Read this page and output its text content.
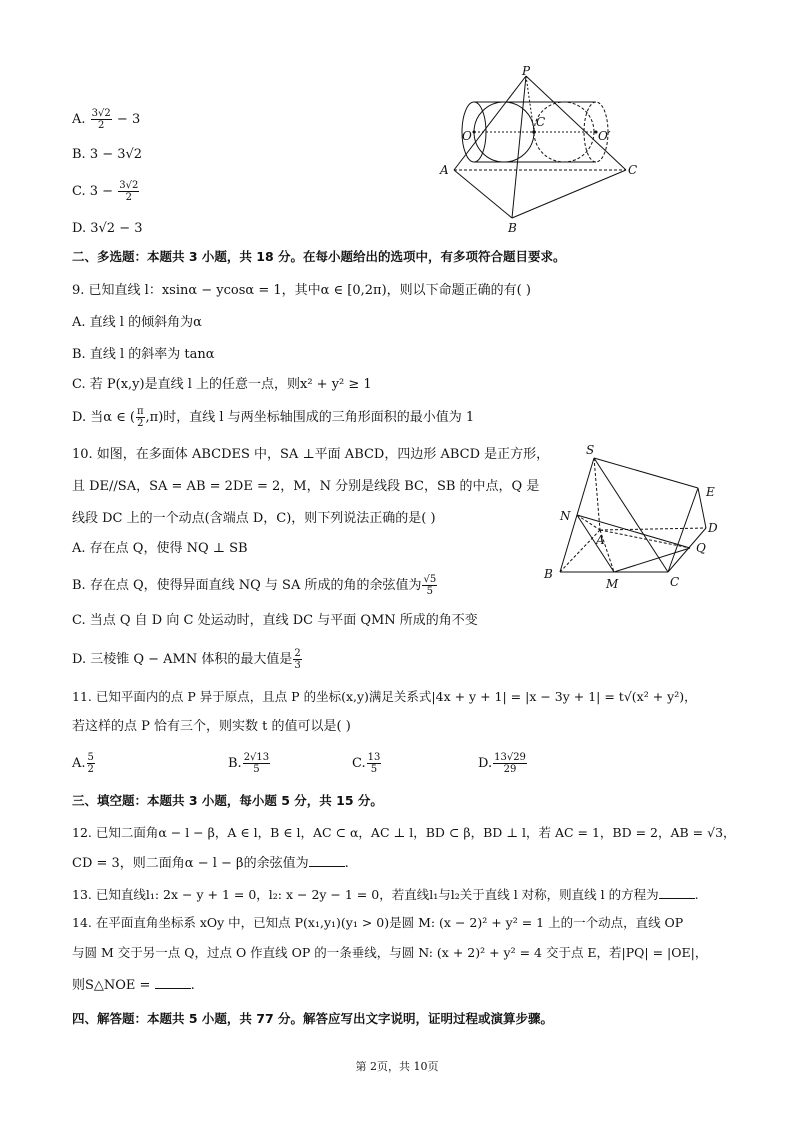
A. $\frac{3√2}{2} - 3$
B. 3 − 3√2
C. $3 - \frac{3√2}{2}$
D. 3√2 − 3
P
C
O	O′
A
B
C
二、多选题：本题共 3 小题，共 18 分。在每小题给出的选项中，有多项符合题目要求。
9. 已知直线 l：xsinα − ycosα = 1，其中α ∈ [0,2π)，则以下命题正确的有( )
A. 直线 l 的倾斜角为α
B. 直线 l 的斜率为 tanα
C. 若 P(x,y)是直线 l 上的任意一点，则x² + y² ≥ 1
D. 当α ∈ ( $\frac{\pi}{2} ,\pi$)时，直线 l 与两坐标轴围成的三角形面积的最小值为 1
10. 如图，在多面体 ABCDES 中，SA ⊥平面 ABCD，四边形 ABCD 是正方形，
且 DE//SA，SA = AB = 2DE = 2，M，N 分别是线段 BC，SB 的中点，Q 是
线段 DC 上的一个动点(含端点 D，C)，则下列说法正确的是( )
A. 存在点 Q，使得 NQ ⊥ SB
B. 存在点 Q，使得异面直线 NQ 与 SA 所成的角的余弦值为 $\frac{√5}{5}$
C. 当点 Q 自 D 向 C 处运动时，直线 DC 与平面 QMN 所成的角不变
D. 三棱锥 Q − AMN 体积的最大值是 $\frac{2}{3}$
S
E
N
A
D
Q
B
M	C
11. 已知平面内的点 P 异于原点，且点 P 的坐标(x,y)满足关系式|4x + y + 1| = |x − 3y + 1| = t√(x² + y²)，
若这样的点 P 恰有三个，则实数 t 的值可以是( )
A. $\frac{5}{2}$	B. $\frac{2√13}{5}$	C. $\frac{13}{5}$	D. $\frac{13√29}{29}$
三、填空题：本题共 3 小题，每小题 5 分，共 15 分。
12. 已知二面角α − l − β，A ∈ l，B ∈ l，AC ⊂ α，AC ⊥ l，BD ⊂ β，BD ⊥ l，若 AC = 1，BD = 2，AB = √3，
CD = 3，则二面角α − l − β的余弦值为	.
13. 已知直线l₁: 2x − y + 1 = 0，l₂: x − 2y − 1 = 0，若直线l₁与l₂关于直线 l 对称，则直线 l 的方程为	.
14. 在平面直角坐标系 xOy 中，已知点 P(x₁,y₁)(y₁ > 0)是圆 M: (x − 2)² + y² = 1 上的一个动点，直线 OP
与圆 M 交于另一点 Q，过点 O 作直线 OP 的一条垂线，与圆 N: (x + 2)² + y² = 4 交于点 E，若|PQ| = |OE|，
则S△NOE =	.
四、解答题：本题共 5 小题，共 77 分。解答应写出文字说明，证明过程或演算步骤。
第 2页，共 10页
